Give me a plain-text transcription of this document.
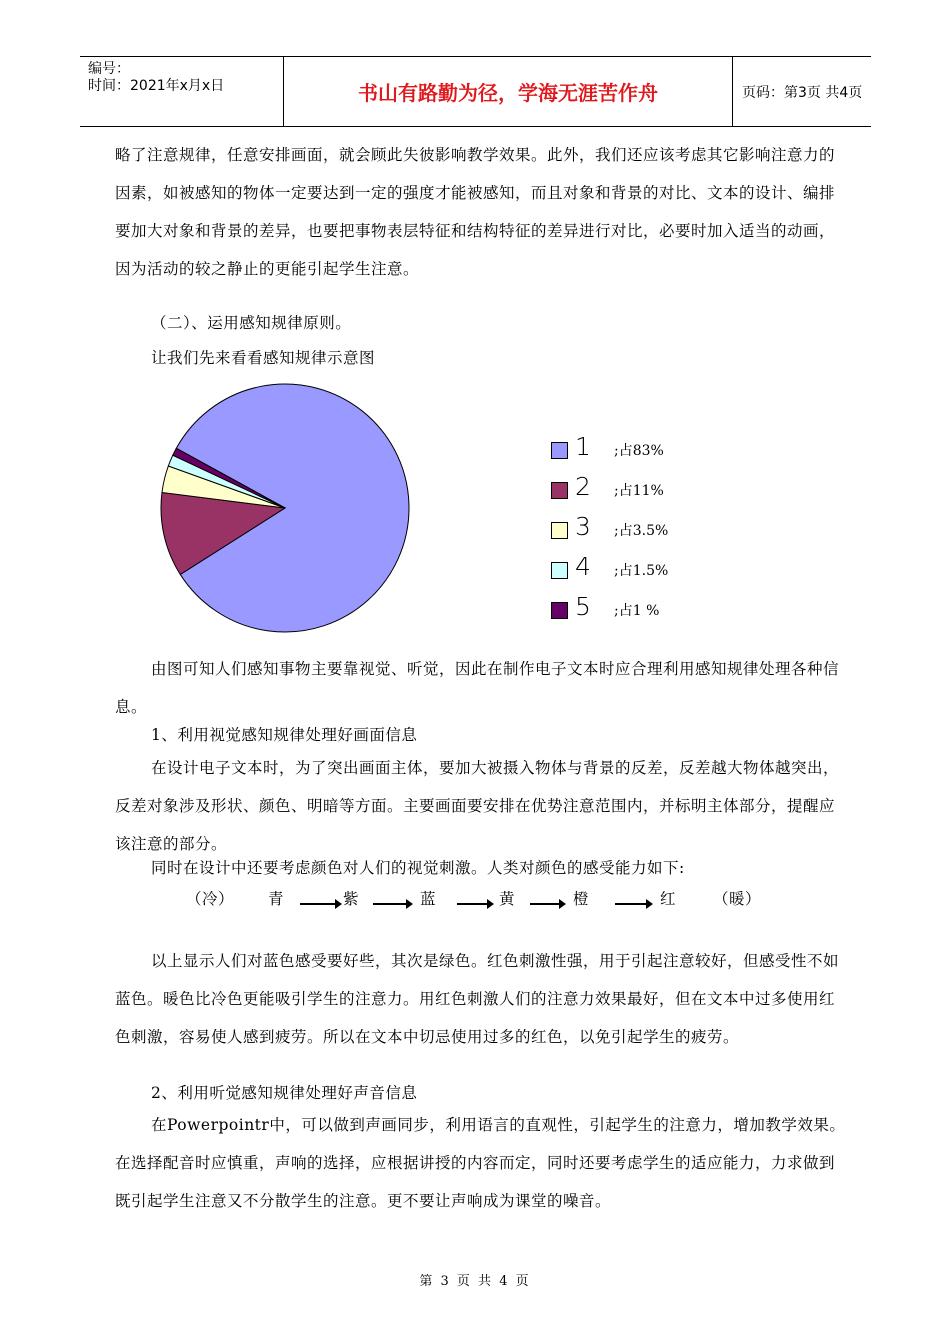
编号：
时间：2021年x月x日	书山有路勤为径，学海无涯苦作舟	页码：第3页 共4页

略了注意规律，任意安排画面，就会顾此失彼影响教学效果。此外，我们还应该考虑其它影响注意力的因素，如被感知的物体一定要达到一定的强度才能被感知，而且对象和背景的对比、文本的设计、编排要加大对象和背景的差异，也要把事物表层特征和结构特征的差异进行对比，必要时加入适当的动画，因为活动的较之静止的更能引起学生注意。

（二）、运用感知规律原则。
让我们先来看看感知规律示意图
1 ;占83%
2 ;占11%
3 ;占3.5%
4 ;占1.5%
5 ;占1 %

由图可知人们感知事物主要靠视觉、听觉，因此在制作电子文本时应合理利用感知规律处理各种信息。

1、利用视觉感知规律处理好画面信息

在设计电子文本时，为了突出画面主体，要加大被摄入物体与背景的反差，反差越大物体越突出，反差对象涉及形状、颜色、明暗等方面。主要画面要安排在优势注意范围内，并标明主体部分，提醒应该注意的部分。

同时在设计中还要考虑颜色对人们的视觉刺激。人类对颜色的感受能力如下:
（冷） 青	紫	蓝	黄	橙	红 （暖）

以上显示人们对蓝色感受要好些，其次是绿色。红色刺激性强，用于引起注意较好，但感受性不如蓝色。暖色比冷色更能吸引学生的注意力。用红色刺激人们的注意力效果最好，但在文本中过多使用红色刺激，容易使人感到疲劳。所以在文本中切忌使用过多的红色，以免引起学生的疲劳。

2、利用听觉感知规律处理好声音信息

在Powerpointr中，可以做到声画同步，利用语言的直观性，引起学生的注意力，增加教学效果。在选择配音时应慎重，声响的选择，应根据讲授的内容而定，同时还要考虑学生的适应能力，力求做到既引起学生注意又不分散学生的注意。更不要让声响成为课堂的噪音。

第 3 页 共 4 页
